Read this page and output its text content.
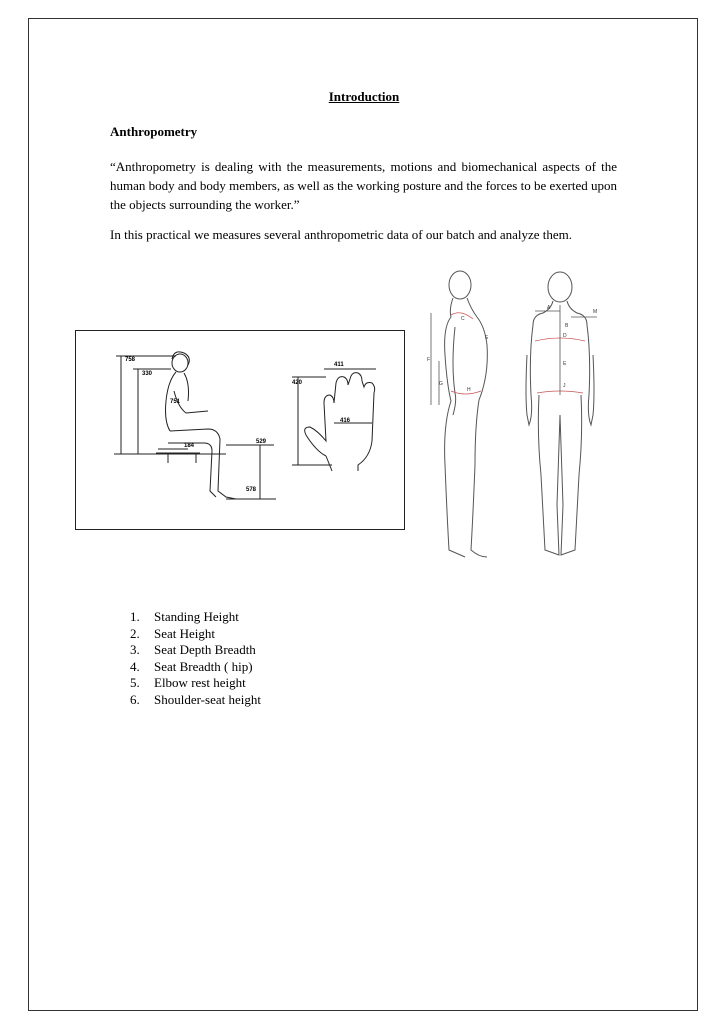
Introduction
Anthropometry

“Anthropometry is dealing with the measurements, motions and biomechanical aspects of the human body and body members, as well as the working posture and the forces to be exerted upon the objects surrounding the worker.”

In this practical we measures several anthropometric data of our batch and analyze them.

758
330
751
184
529
578
411
420
416
C
E
F
G
H
A
M
B
D
E
J
1.	Standing Height
2.	Seat Height
3.	Seat Depth Breadth
4.	Seat Breadth ( hip)
5.	Elbow rest height
6.	Shoulder-seat height
